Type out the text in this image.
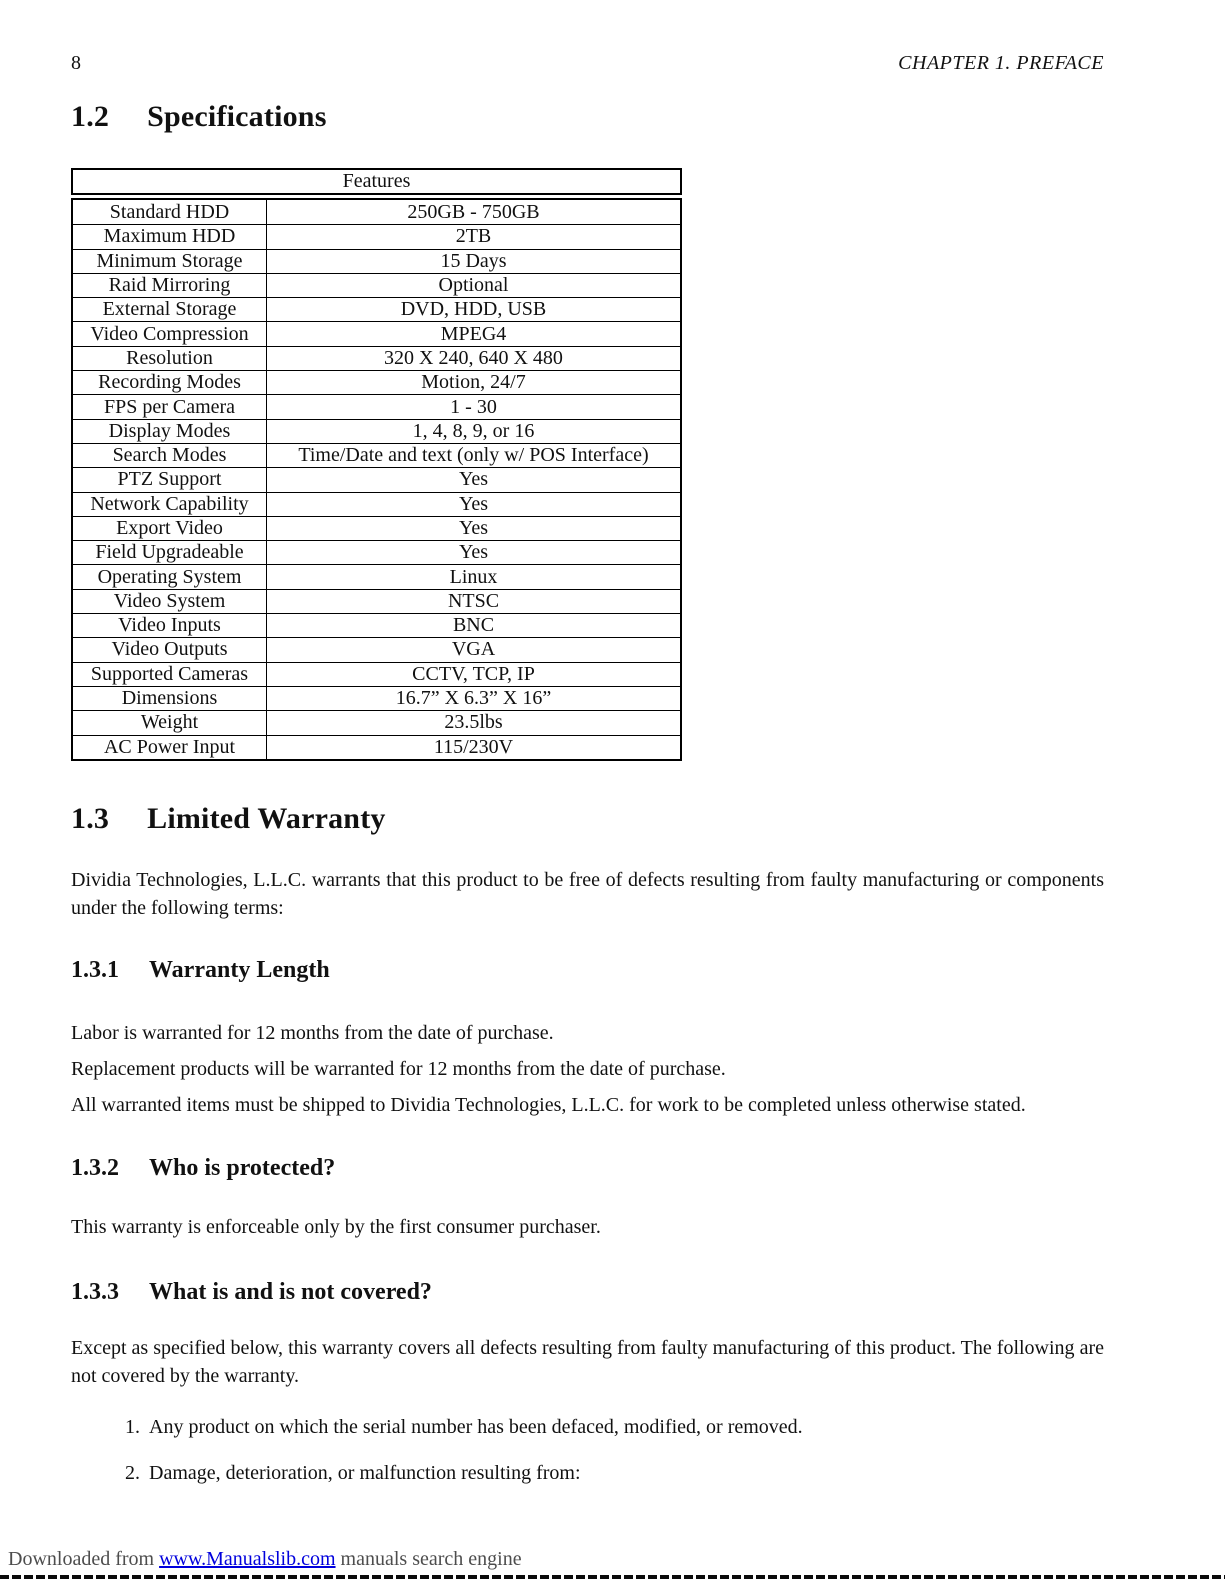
8	CHAPTER 1. PREFACE
1.2 Specifications
Features
Standard HDD	250GB - 750GB
Maximum HDD	2TB
Minimum Storage	15 Days
Raid Mirroring	Optional
External Storage	DVD, HDD, USB
Video Compression	MPEG4
Resolution	320 X 240, 640 X 480
Recording Modes	Motion, 24/7
FPS per Camera	1 - 30
Display Modes	1, 4, 8, 9, or 16
Search Modes	Time/Date and text (only w/ POS Interface)
PTZ Support	Yes
Network Capability	Yes
Export Video	Yes
Field Upgradeable	Yes
Operating System	Linux
Video System	NTSC
Video Inputs	BNC
Video Outputs	VGA
Supported Cameras	CCTV, TCP, IP
Dimensions	16.7” X 6.3” X 16”
Weight	23.5lbs
AC Power Input	115/230V
1.3 Limited Warranty

Dividia Technologies, L.L.C. warrants that this product to be free of defects resulting from faulty manufacturing or components under the following terms:

1.3.1 Warranty Length

Labor is warranted for 12 months from the date of purchase.

Replacement products will be warranted for 12 months from the date of purchase.

All warranted items must be shipped to Dividia Technologies, L.L.C. for work to be completed unless otherwise stated.

1.3.2 Who is protected?

This warranty is enforceable only by the first consumer purchaser.

1.3.3 What is and is not covered?

Except as specified below, this warranty covers all defects resulting from faulty manufacturing of this product. The following are not covered by the warranty.

1. Any product on which the serial number has been defaced, modified, or removed.
2. Damage, deterioration, or malfunction resulting from:
Downloaded from www.Manualslib.com manuals search engine
